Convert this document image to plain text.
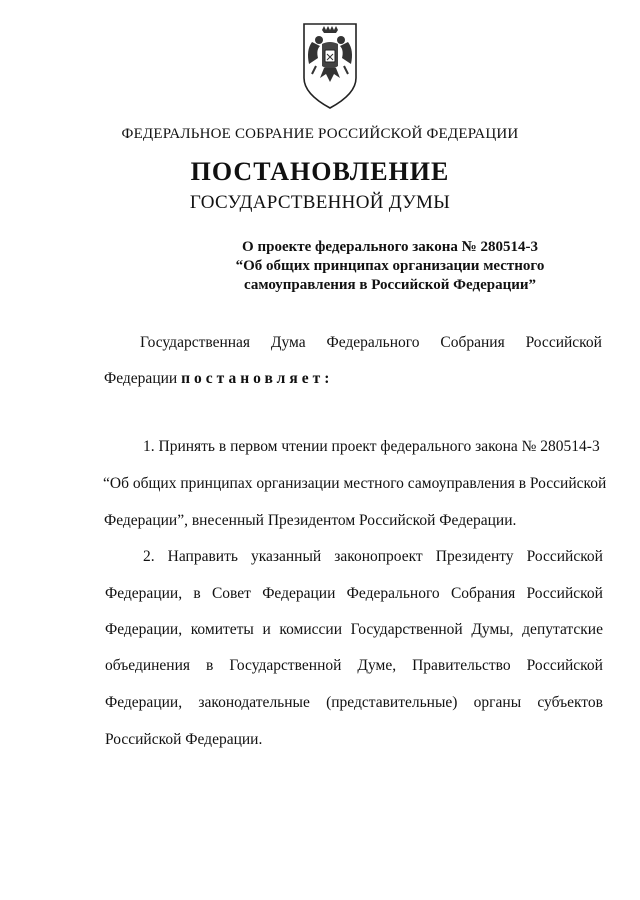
ФЕДЕРАЛЬНОЕ СОБРАНИЕ РОССИЙСКОЙ ФЕДЕРАЦИИ
ПОСТАНОВЛЕНИЕ
ГОСУДАРСТВЕННОЙ ДУМЫ
О проекте федерального закона № 280514-3
“Об общих принципах организации местного
самоуправления в Российской Федерации”
Государственная Дума Федерального Собрания Российской
Федерации постановляет:
1. Принять в первом чтении проект федерального закона № 280514-3
“Об общих принципах организации местного самоуправления в Российской
Федерации”, внесенный Президентом Российской Федерации.
2. Направить указанный законопроект Президенту Российской
Федерации, в Совет Федерации Федерального Собрания Российской
Федерации, комитеты и комиссии Государственной Думы, депутатские
объединения в Государственной Думе, Правительство Российской
Федерации, законодательные (представительные) органы субъектов
Российской Федерации.
